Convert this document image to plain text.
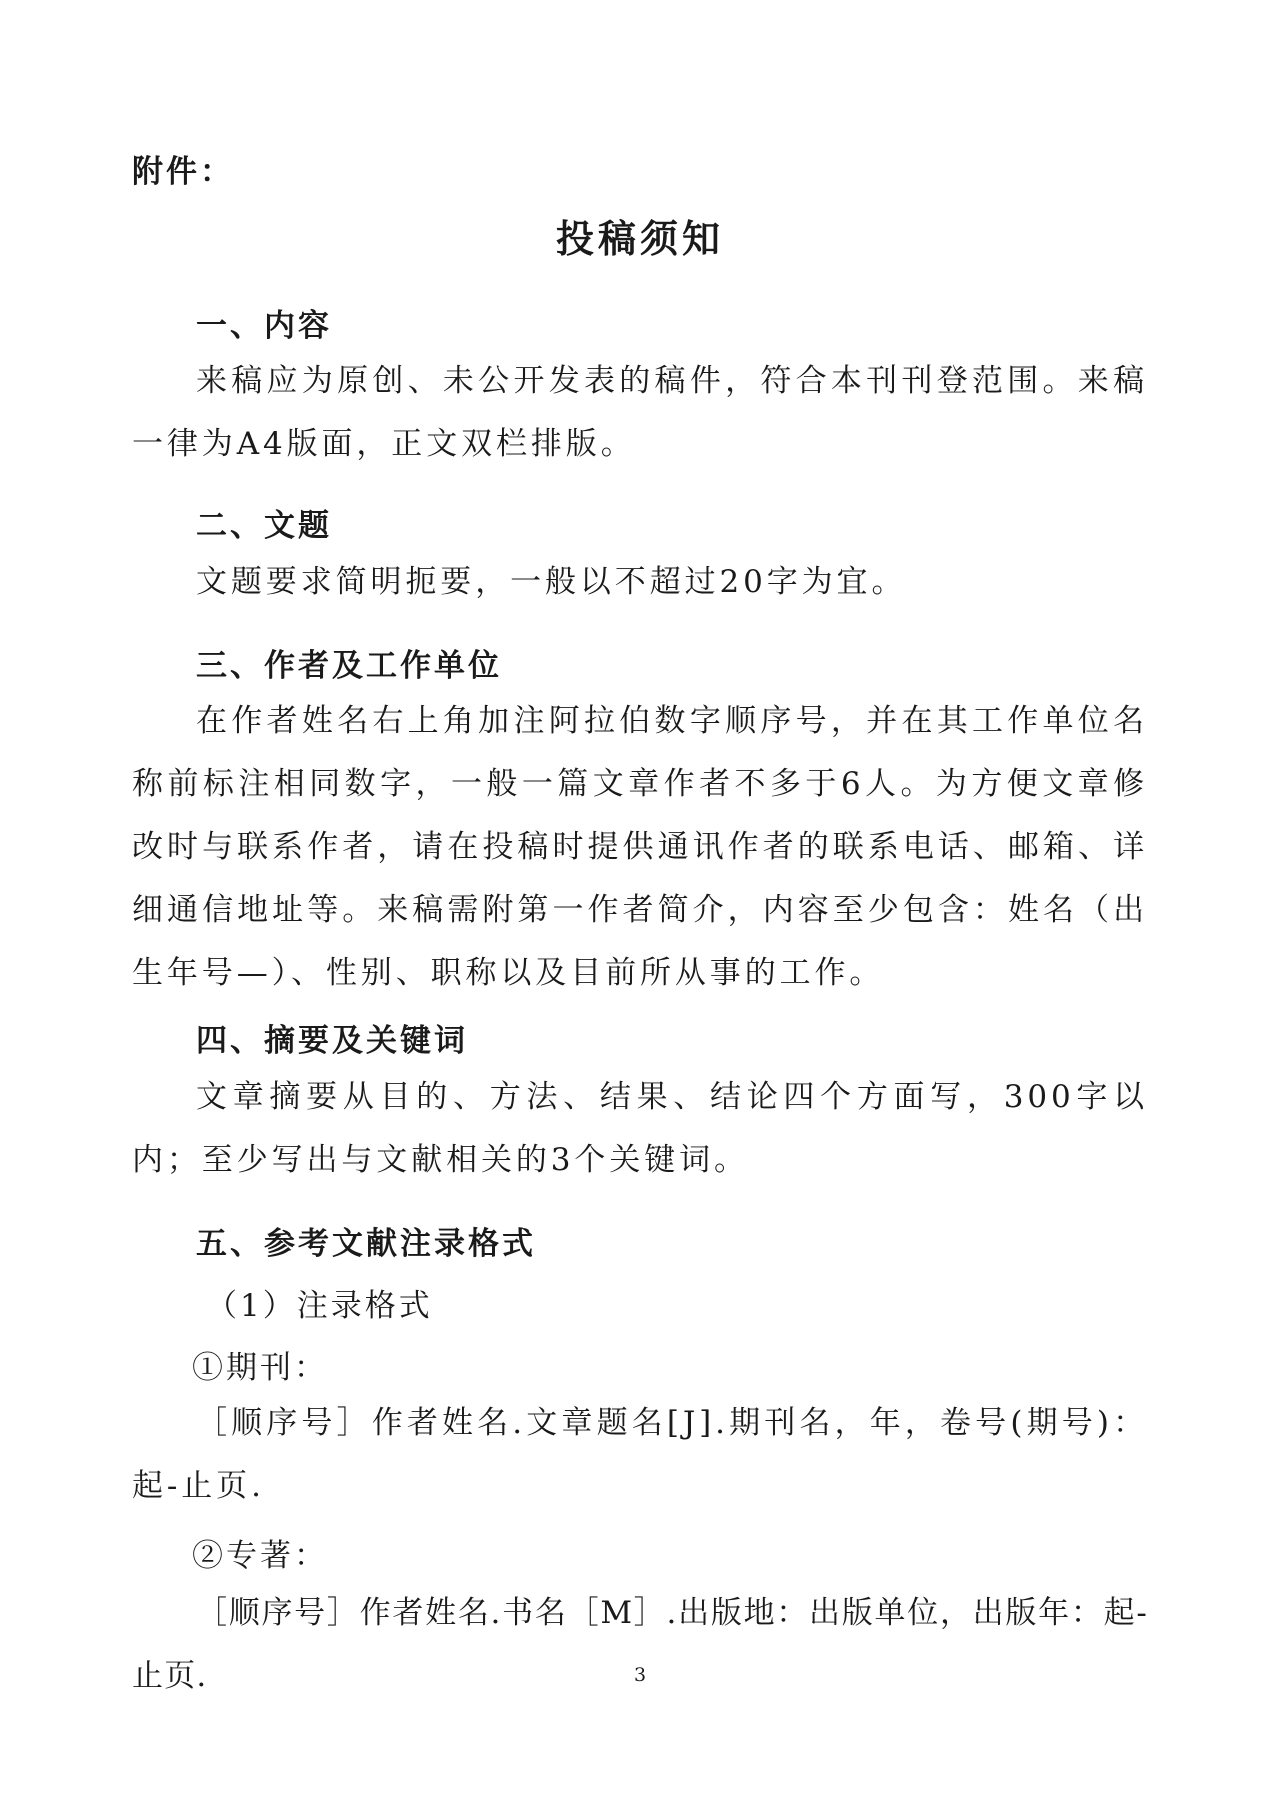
附件：
投稿须知
一、内容

来稿应为原创、未公开发表的稿件，符合本刊刊登范围。来稿一律为A4版面，正文双栏排版。

二、文题

文题要求简明扼要，一般以不超过20字为宜。

三、作者及工作单位

在作者姓名右上角加注阿拉伯数字顺序号，并在其工作单位名称前标注相同数字，一般一篇文章作者不多于6人。为方便文章修改时与联系作者，请在投稿时提供通讯作者的联系电话、邮箱、详细通信地址等。来稿需附第一作者简介，内容至少包含：姓名（出生年号—）、性别、职称以及目前所从事的工作。

四、摘要及关键词

文章摘要从目的、方法、结果、结论四个方面写，300字以内；至少写出与文献相关的3个关键词。

五、参考文献注录格式
（1）注录格式
①期刊：

［顺序号］作者姓名.文章题名[J].期刊名，年，卷号(期号)：起-止页.

②专著：

［顺序号］作者姓名.书名［M］.出版地：出版单位，出版年：起-止页.	3
